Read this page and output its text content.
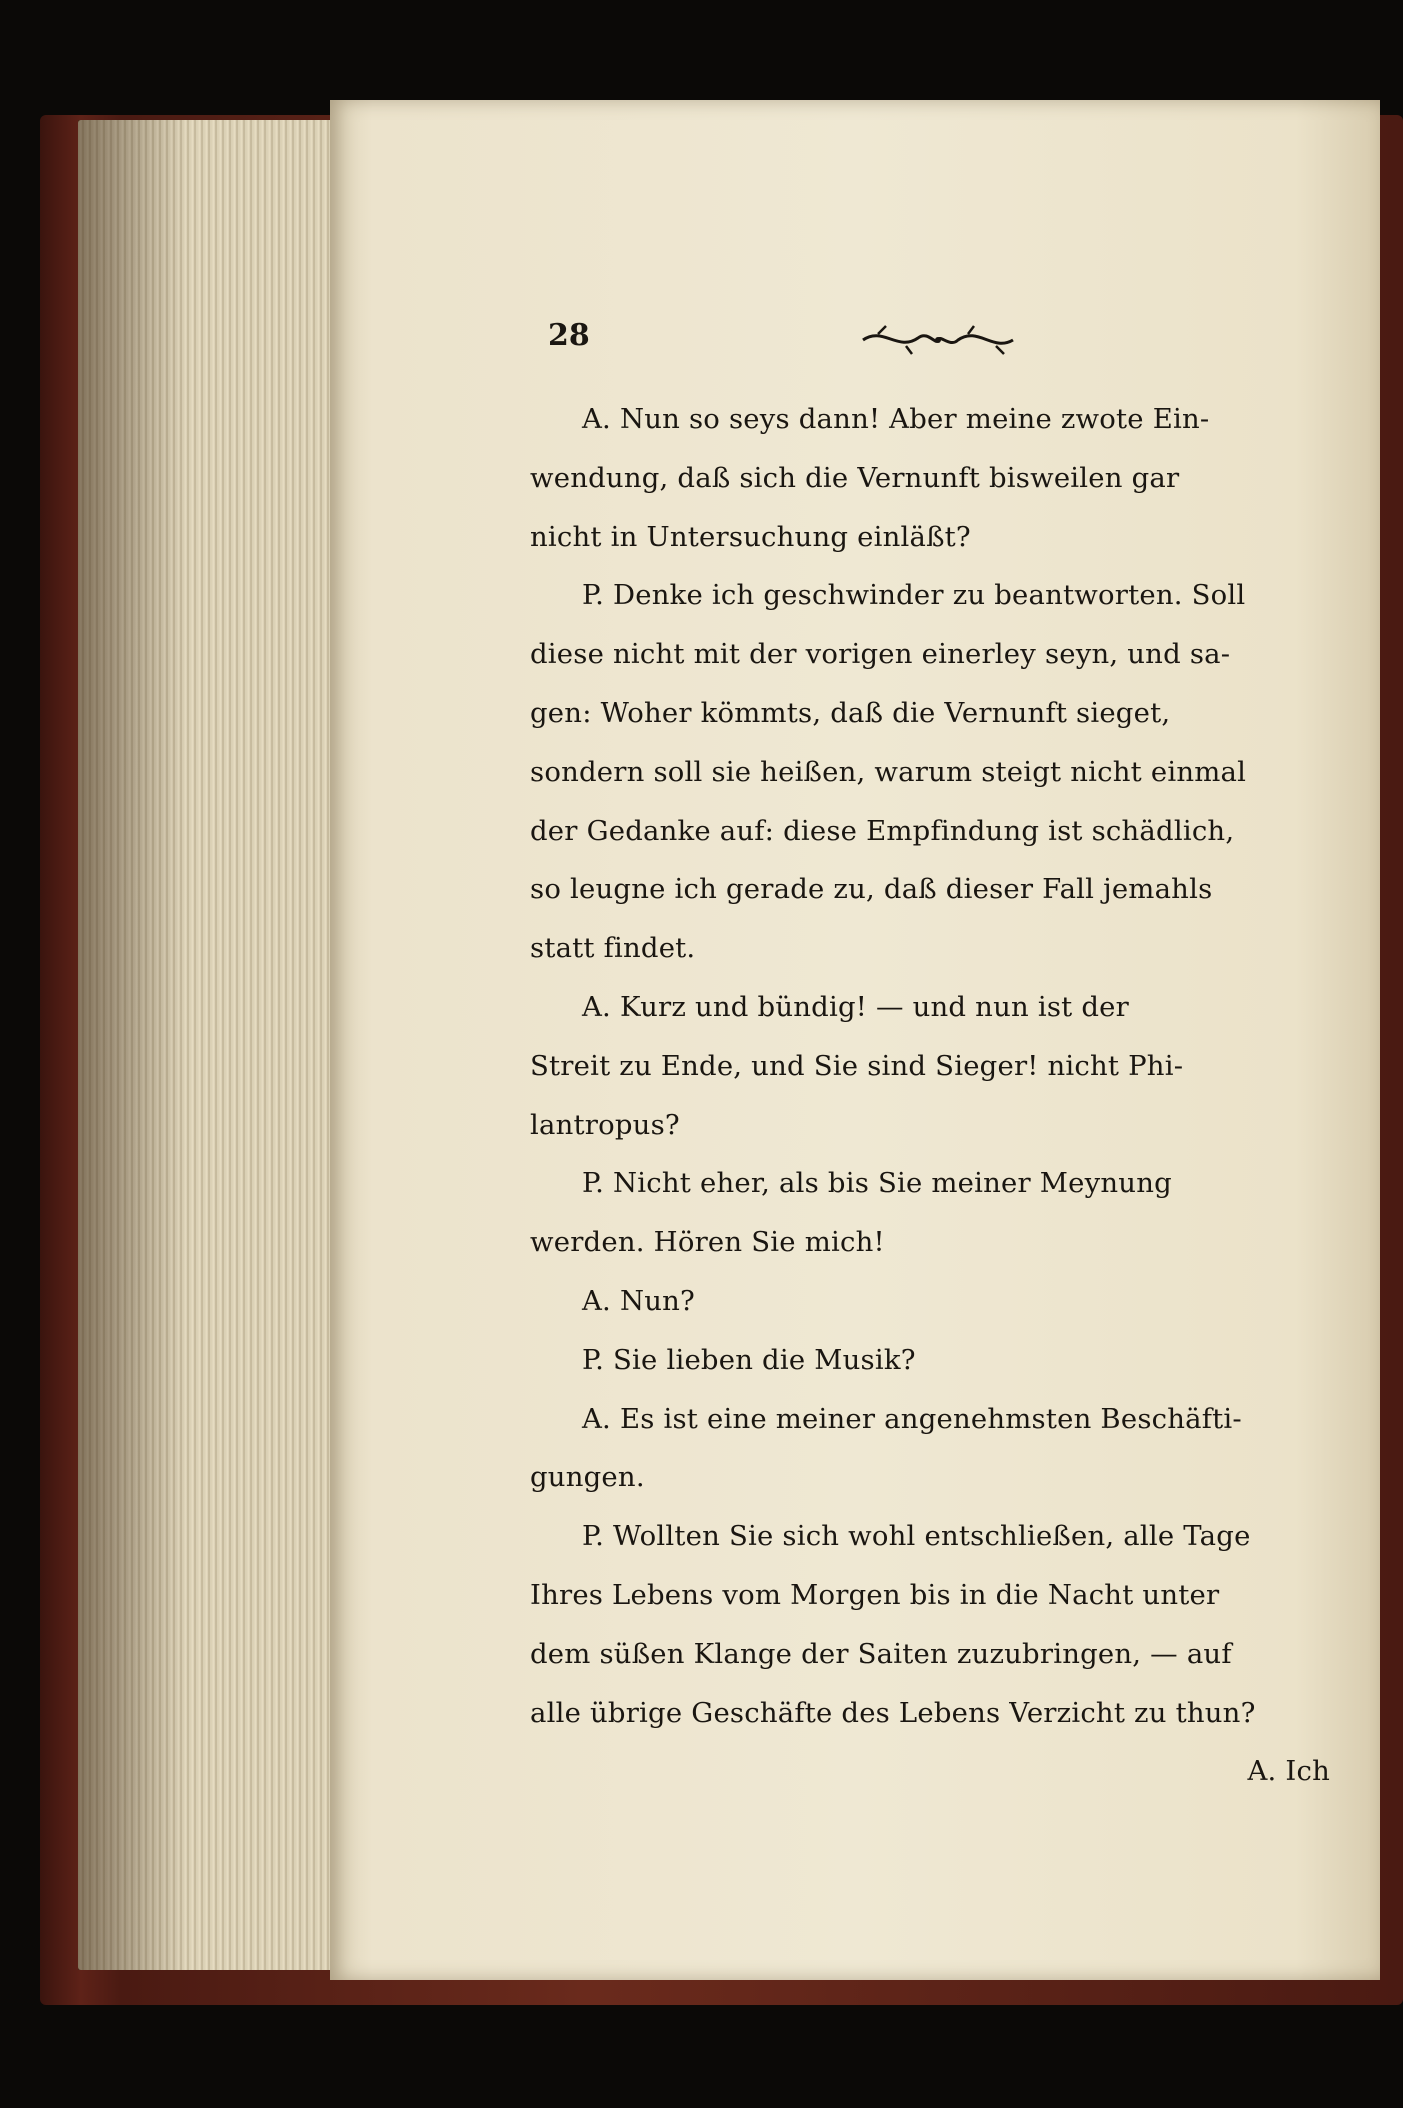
28
A. Nun so seys dann! Aber meine zwote Ein-
wendung, daß sich die Vernunft bisweilen gar
nicht in Untersuchung einläßt?
P. Denke ich geschwinder zu beantworten. Soll
diese nicht mit der vorigen einerley seyn, und sa-
gen: Woher kömmts, daß die Vernunft sieget,
sondern soll sie heißen, warum steigt nicht einmal
der Gedanke auf: diese Empfindung ist schädlich,
so leugne ich gerade zu, daß dieser Fall jemahls
statt findet.
A. Kurz und bündig! — und nun ist der
Streit zu Ende, und Sie sind Sieger! nicht Phi-
lantropus?
P. Nicht eher, als bis Sie meiner Meynung
werden. Hören Sie mich!
A. Nun?
P. Sie lieben die Musik?
A. Es ist eine meiner angenehmsten Beschäfti-
gungen.
P. Wollten Sie sich wohl entschließen, alle Tage
Ihres Lebens vom Morgen bis in die Nacht unter
dem süßen Klange der Saiten zuzubringen, — auf
alle übrige Geschäfte des Lebens Verzicht zu thun?
A. Ich
